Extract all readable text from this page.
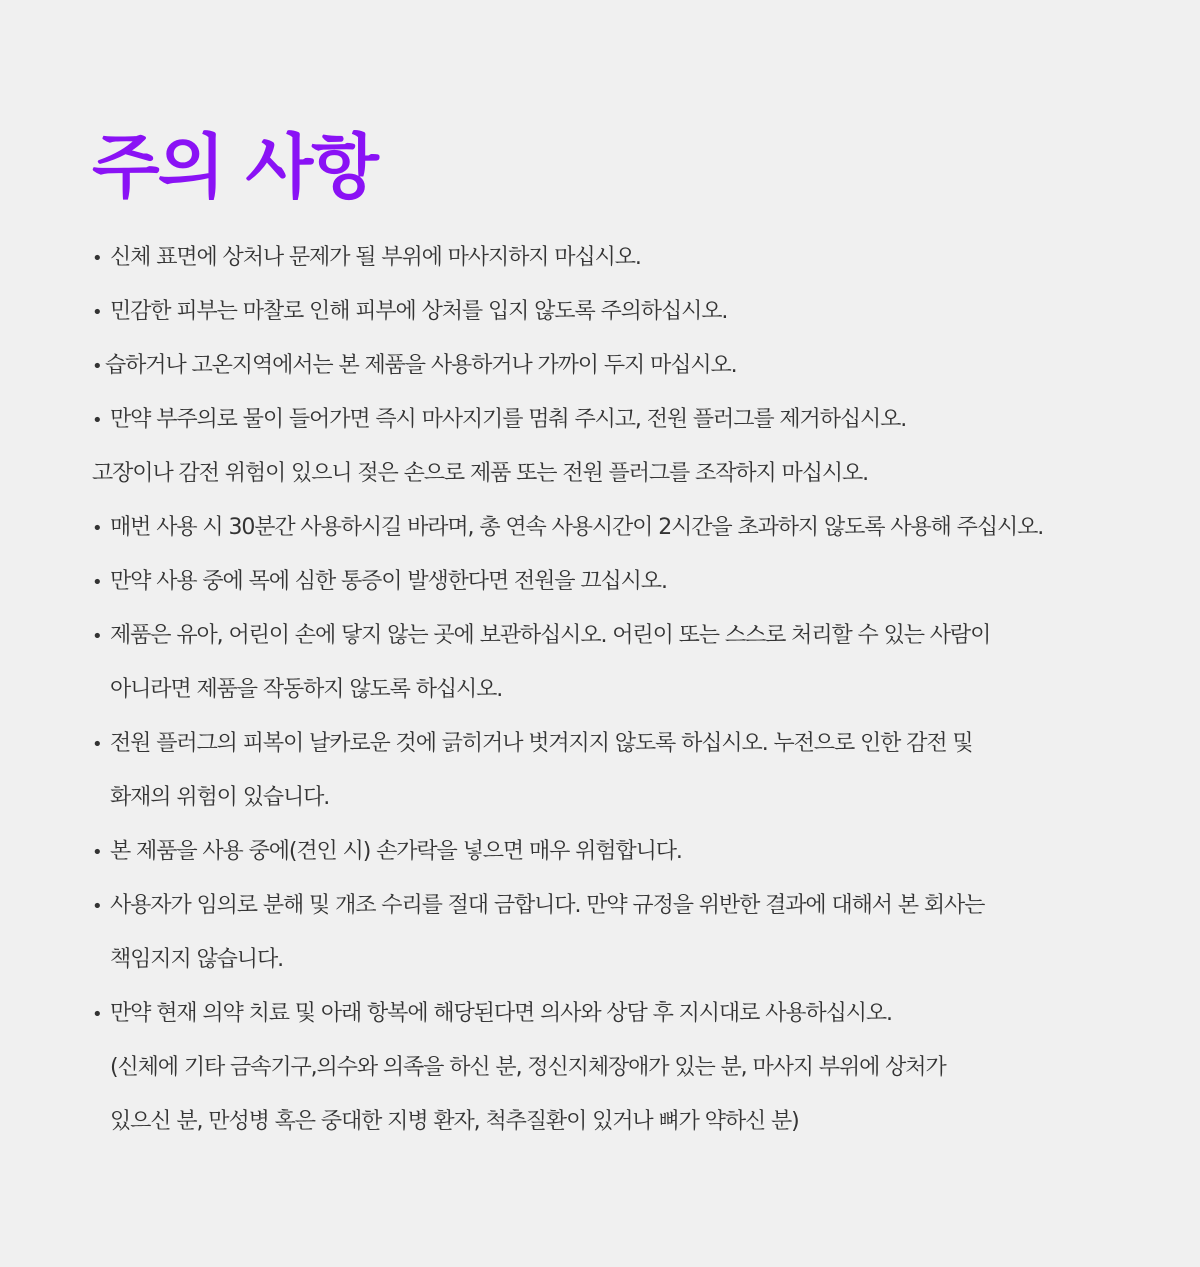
주의 사항
• 신체 표면에 상처나 문제가 될 부위에 마사지하지 마십시오.
• 민감한 피부는 마찰로 인해 피부에 상처를 입지 않도록 주의하십시오.
• 습하거나 고온지역에서는 본 제품을 사용하거나 가까이 두지 마십시오.
• 만약 부주의로 물이 들어가면 즉시 마사지기를 멈춰 주시고, 전원 플러그를 제거하십시오.
고장이나 감전 위험이 있으니 젖은 손으로 제품 또는 전원 플러그를 조작하지 마십시오.
• 매번 사용 시 30분간 사용하시길 바라며, 총 연속 사용시간이 2시간을 초과하지 않도록 사용해 주십시오.
• 만약 사용 중에 목에 심한 통증이 발생한다면 전원을 끄십시오.
• 제품은 유아, 어린이 손에 닿지 않는 곳에 보관하십시오. 어린이 또는 스스로 처리할 수 있는 사람이
아니라면 제품을 작동하지 않도록 하십시오.
• 전원 플러그의 피복이 날카로운 것에 긁히거나 벗겨지지 않도록 하십시오. 누전으로 인한 감전 및
화재의 위험이 있습니다.
• 본 제품을 사용 중에(견인 시) 손가락을 넣으면 매우 위험합니다.
• 사용자가 임의로 분해 및 개조 수리를 절대 금합니다. 만약 규정을 위반한 결과에 대해서 본 회사는
책임지지 않습니다.
• 만약 현재 의약 치료 및 아래 항복에 해당된다면 의사와 상담 후 지시대로 사용하십시오.
(신체에 기타 금속기구,의수와 의족을 하신 분, 정신지체장애가 있는 분, 마사지 부위에 상처가
있으신 분, 만성병 혹은 중대한 지병 환자, 척추질환이 있거나 뼈가 약하신 분)
